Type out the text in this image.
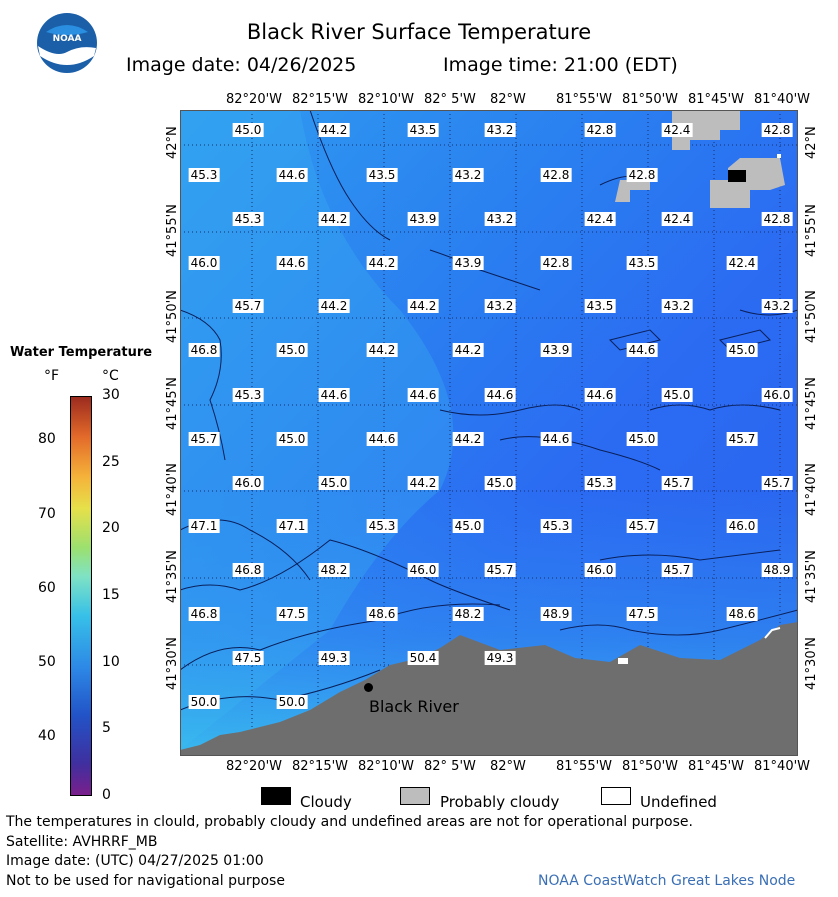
NOAA	Black River Surface Temperature
Image date: 04/26/2025	Image time: 21:00 (EDT)
82°20'W 82°15'W 82°10'W 82° 5'W 82°W 81°55'W 81°50'W 81°45'W 81°40'W
82°20'W 82°15'W 82°10'W 82° 5'W 82°W 81°55'W 81°50'W 81°45'W 81°40'W
42°N
41°55'N
41°50'N
41°45'N
41°40'N
41°35'N
41°30'N
42°N
41°55'N
41°50'N
41°45'N
41°40'N
41°35'N
41°30'N
45.0	44.2	43.5	43.2	42.8	42.4	42.8
45.3	44.6	43.5	43.2	42.8	42.8
45.3	44.2	43.9	43.2	42.4	42.4	42.8
46.0	44.6	44.2	43.9	42.8	43.5	42.4
45.7	44.2	44.2	43.2	43.5	43.2	43.2
46.8	45.0	44.2	44.2	43.9	44.6	45.0
45.3	44.6	44.6	44.6	44.6	45.0	46.0
45.7	45.0	44.6	44.2	44.6	45.0	45.7
46.0	45.0	44.2	45.0	45.3	45.7	45.7
47.1	47.1	45.3	45.0	45.3	45.7	46.0
46.8	48.2	46.0	45.7	46.0	45.7	48.9
46.8	47.5	48.6	48.2	48.9	47.5	48.6
47.5	49.3	50.4	49.3
50.0	50.0	Black River
Water Temperature
°F	°C
80
70
60
50
40
30
25
20
15
10
5
0	Cloudy	Probably cloudy	Undefined
The temperatures in clould, probably cloudy and undefined areas are not for operational purpose.
Satellite: AVHRRF_MB
Image date: (UTC) 04/27/2025 01:00
Not to be used for navigational purpose	NOAA CoastWatch Great Lakes Node
